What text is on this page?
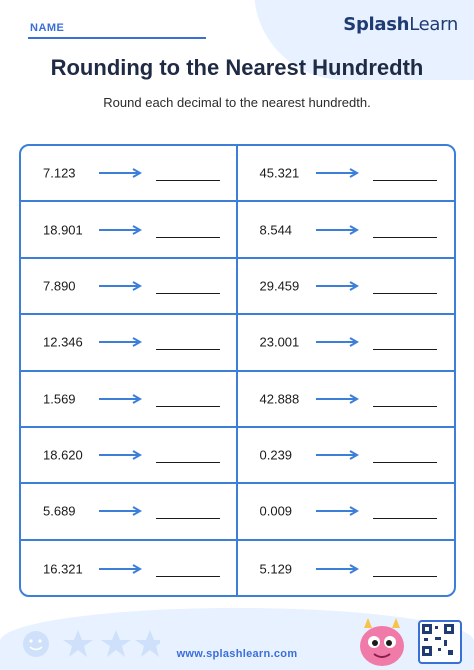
SplashLearn
NAME
Rounding to the Nearest Hundredth
Round each decimal to the nearest hundredth.
7.123
18.901
7.890
12.346
1.569
18.620
5.689
16.321
45.321
8.544
29.459
23.001
42.888
0.239
0.009
5.129
www.splashlearn.com
